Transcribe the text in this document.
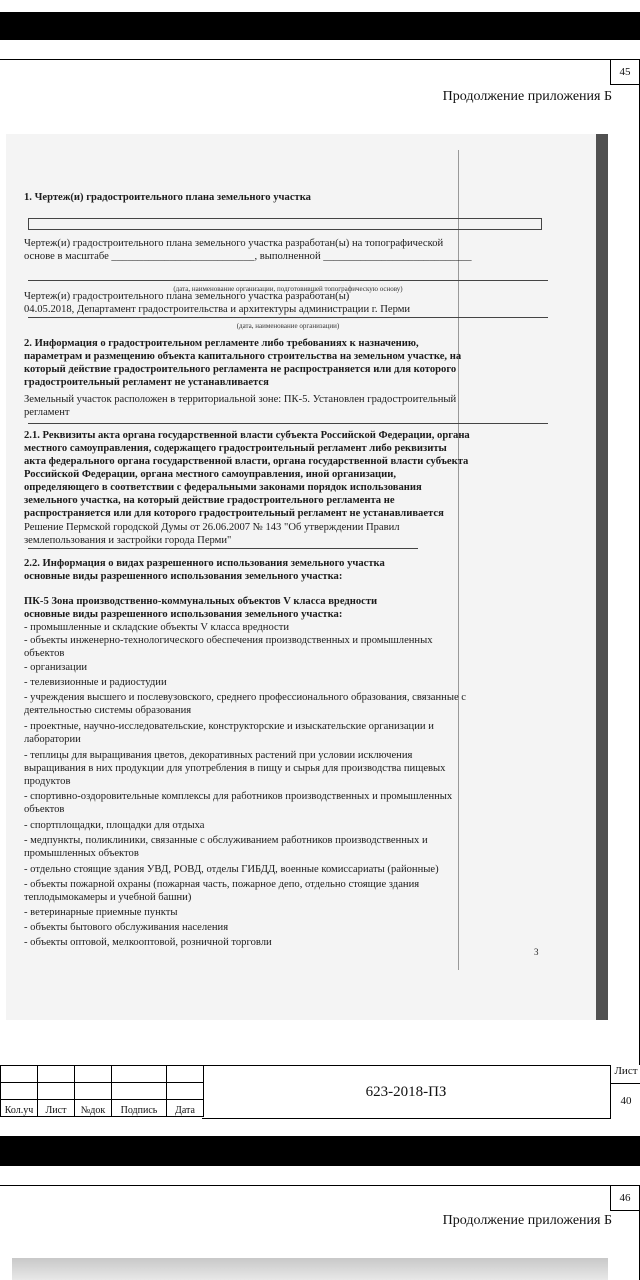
45
Продолжение приложения Б
3
1. Чертеж(и) градостроительного плана земельного участка
Чертеж(и) градостроительного плана земельного участка разработан(ы) на топографической
основе в масштабе ___________________________, выполненной ____________________________
(дата, наименование организации, подготовившей топографическую основу)
Чертеж(и) градостроительного плана земельного участка разработан(ы)
04.05.2018, Департамент градостроительства и архитектуры администрации г. Перми
(дата, наименование организации)
2. Информация о градостроительном регламенте либо требованиях к назначению,
параметрам и размещению объекта капитального строительства на земельном участке, на
который действие градостроительного регламента не распространяется или для которого
градостроительный регламент не устанавливается
Земельный участок расположен в территориальной зоне: ПК-5. Установлен градостроительный
регламент
2.1. Реквизиты акта органа государственной власти субъекта Российской Федерации, органа
местного самоуправления, содержащего градостроительный регламент либо реквизиты
акта федерального органа государственной власти, органа государственной власти субъекта
Российской Федерации, органа местного самоуправления, иной организации,
определяющего в соответствии с федеральными законами порядок использования
земельного участка, на который действие градостроительного регламента не
распространяется или для которого градостроительный регламент не устанавливается
Решение Пермской городской Думы от 26.06.2007 № 143 "Об утверждении Правил
землепользования и застройки города Перми"
2.2. Информация о видах разрешенного использования земельного участка
основные виды разрешенного использования земельного участка:
ПК-5 Зона производственно-коммунальных объектов V класса вредности
основные виды разрешенного использования земельного участка:
- промышленные и складские объекты V класса вредности
- объекты инженерно-технологического обеспечения производственных и промышленных
объектов
- организации
- телевизионные и радиостудии
- учреждения высшего и послевузовского, среднего профессионального образования, связанные с
деятельностью системы образования
- проектные, научно-исследовательские, конструкторские и изыскательские организации и
лаборатории
- теплицы для выращивания цветов, декоративных растений при условии исключения
выращивания в них продукции для употребления в пищу и сырья для производства пищевых
продуктов
- спортивно-оздоровительные комплексы для работников производственных и промышленных
объектов
- спортплощадки, площадки для отдыха
- медпункты, поликлиники, связанные с обслуживанием работников производственных и
промышленных объектов
- отдельно стоящие здания УВД, РОВД, отделы ГИБДД, военные комиссариаты (районные)
- объекты пожарной охраны (пожарная часть, пожарное депо, отдельно стоящие здания
теплодымокамеры и учебной башни)
- ветеринарные приемные пункты
- объекты бытового обслуживания населения
- объекты оптовой, мелкооптовой, розничной торговли

Кол.уч	Лист	№док	Подпись	Дата
623-2018-ПЗ
Лист
40
46
Продолжение приложения Б
